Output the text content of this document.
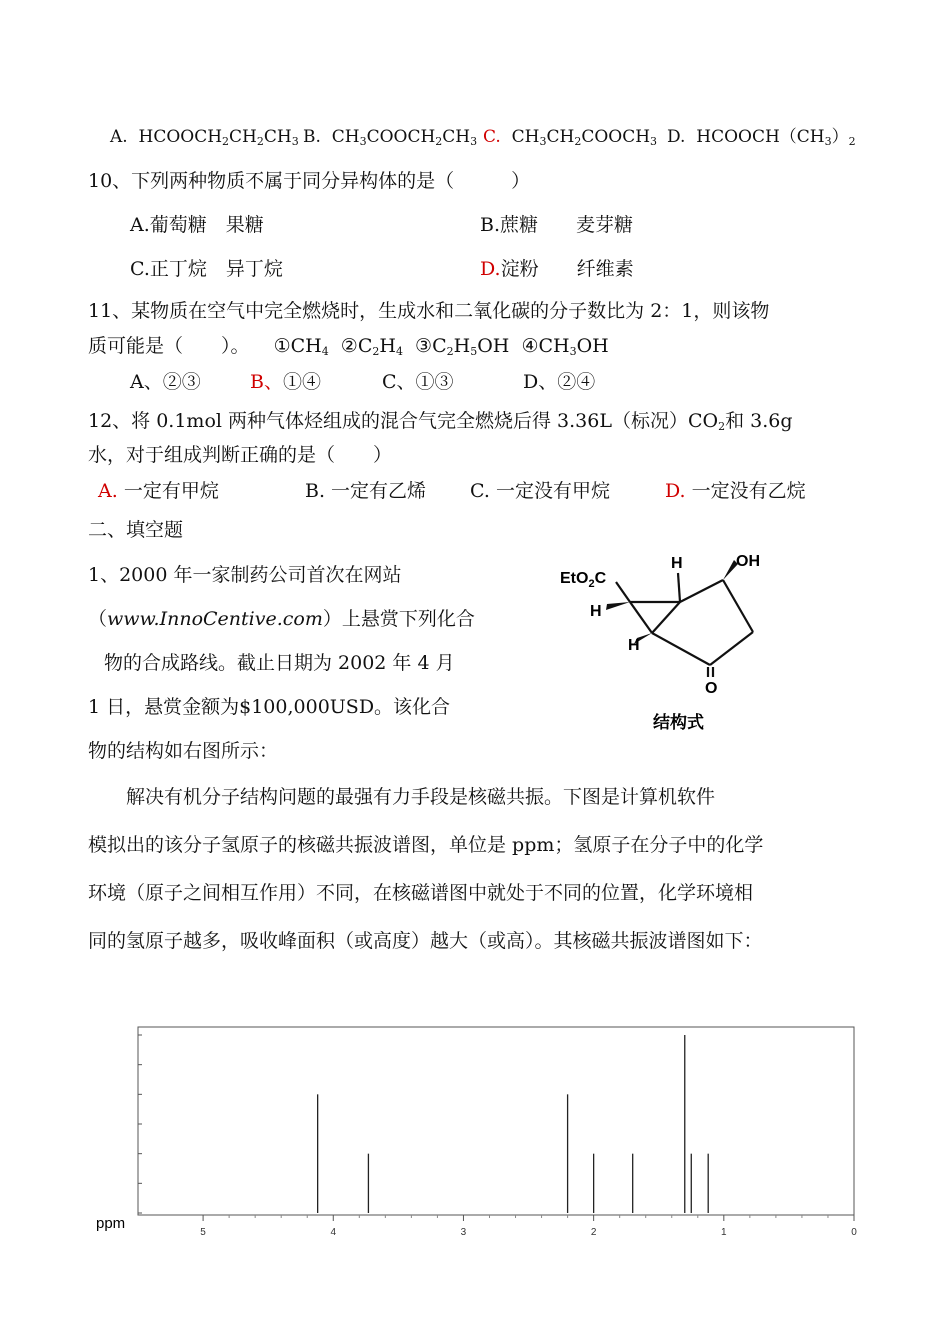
A. $HCOOCH_2CH_2CH_3$ B. $CH_3COOCH_2CH_3$ C. $CH_3CH_2COOCH_3$ D. $HCOOCH(CH_3)_2$
10、下列两种物质不属于同分异构体的是（　　　）
A.葡萄糖　果糖	B.蔗糖　　麦芽糖
C.正丁烷　异丁烷	D.淀粉　　纤维素
11、某物质在空气中完全燃烧时，生成水和二氧化碳的分子数比为 2：1，则该物
质可能是（　　）。 $①CH_4$ $②C_2H_4$ $③C_2H_5OH$ $④CH_3OH$
A、②③	B、①④	C、①③	D、②④
12、将 0.1mol 两种气体烃组成的混合气完全燃烧后得 3.36L（标况）$CO_2$和 3.6g
水，对于组成判断正确的是（　　）
A. 一定有甲烷	B. 一定有乙烯 C. 一定没有甲烷	D. 一定没有乙烷
二、填空题
1、2000 年一家制药公司首次在网站
（www.InnoCentive.com）上悬赏下列化合
物的合成路线。截止日期为 2002 年 4 月
1 日，悬赏金额为$100,000USD。该化合
物的结构如右图所示：
EtO$_2$C
H	OH
H
H
O
结构式
　　解决有机分子结构问题的最强有力手段是核磁共振。下图是计算机软件
模拟出的该分子氢原子的核磁共振波谱图，单位是 ppm；氢原子在分子中的化学
环境（原子之间相互作用）不同，在核磁谱图中就处于不同的位置，化学环境相
同的氢原子越多，吸收峰面积（或高度）越大（或高）。其核磁共振波谱图如下：
5	4	3	2	1	0
ppm
